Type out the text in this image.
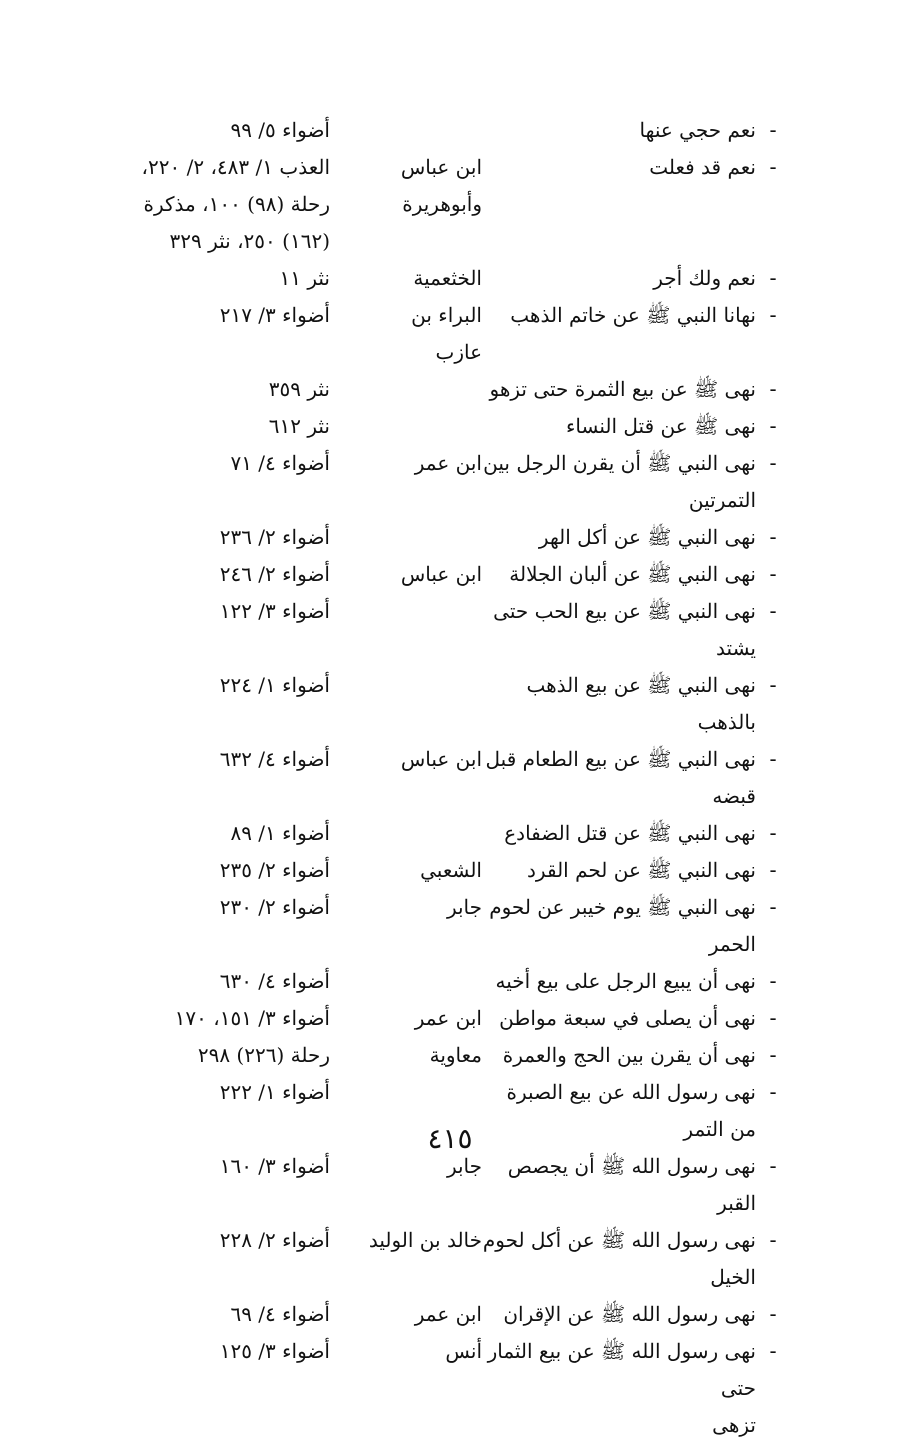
-
نعم حجي عنها
أضواء ٥/ ٩٩
-
نعم قد فعلت
ابن عباس
وأبوهريرة
العذب ١/ ٤٨٣، ٢/ ٢٢٠،
رحلة (٩٨) ١٠٠، مذكرة
(١٦٢) ٢٥٠، نثر ٣٢٩
-
نعم ولك أجر
الخثعمية
نثر ١١
-
نهانا النبي ﷺ عن خاتم الذهب
البراء بن
عازب
أضواء ٣/ ٢١٧
-
نهى ﷺ عن بيع الثمرة حتى تزهو
نثر ٣٥٩
-
نهى ﷺ عن قتل النساء
نثر ٦١٢
-
نهى النبي ﷺ أن يقرن الرجل بين التمرتين
ابن عمر
أضواء ٤/ ٧١
-
نهى النبي ﷺ عن أكل الهر
أضواء ٢/ ٢٣٦
-
نهى النبي ﷺ عن ألبان الجلالة
ابن عباس
أضواء ٢/ ٢٤٦
-
نهى النبي ﷺ عن بيع الحب حتى يشتد
أضواء ٣/ ١٢٢
-
نهى النبي ﷺ عن بيع الذهب بالذهب
أضواء ١/ ٢٢٤
-
نهى النبي ﷺ عن بيع الطعام قبل قبضه
ابن عباس
أضواء ٤/ ٦٣٢
-
نهى النبي ﷺ عن قتل الضفادع
أضواء ١/ ٨٩
-
نهى النبي ﷺ عن لحم القرد
الشعبي
أضواء ٢/ ٢٣٥
-
نهى النبي ﷺ يوم خيبر عن لحوم الحمر
جابر
أضواء ٢/ ٢٣٠
-
نهى أن يبيع الرجل على بيع أخيه
أضواء ٤/ ٦٣٠
-
نهى أن يصلى في سبعة مواطن
ابن عمر
أضواء ٣/ ١٥١، ١٧٠
-
نهى أن يقرن بين الحج والعمرة
معاوية
رحلة (٢٢٦) ٢٩٨
-
نهى رسول الله عن بيع الصبرة من التمر
أضواء ١/ ٢٢٢
-
نهى رسول الله ﷺ أن يجصص القبر
جابر
أضواء ٣/ ١٦٠
-
نهى رسول الله ﷺ عن أكل لحوم الخيل
خالد بن الوليد
أضواء ٢/ ٢٢٨
-
نهى رسول الله ﷺ عن الإقران
ابن عمر
أضواء ٤/ ٦٩
-
نهى رسول الله ﷺ عن بيع الثمار حتى
تزهى
أنس
أضواء ٣/ ١٢٥
٤١٥
